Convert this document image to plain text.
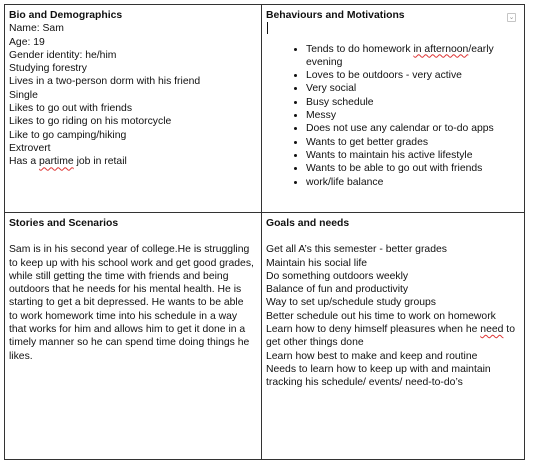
Bio and Demographics
Name: Sam
Age: 19
Gender identity: he/him
Studying forestry
Lives in a two-person dorm with his friend
Single
Likes to go out with friends
Likes to go riding on his motorcycle
Like to go camping/hiking
Extrovert
Has a partime job in retail
⌄
Behaviours and Motivations
• Tends to do homework in afternoon/early evening
• Loves to be outdoors - very active
• Very social
• Busy schedule
• Messy
• Does not use any calendar or to-do apps
• Wants to get better grades
• Wants to maintain his active lifestyle
• Wants to be able to go out with friends
• work/life balance
Stories and Scenarios

Sam is in his second year of college.He is struggling to keep up with his school work and get good grades, while still getting the time with friends and being outdoors that he needs for his mental health. He is starting to get a bit depressed. He wants to be able to work homework time into his schedule in a way that works for him and allows him to get it done in a timely manner so he can spend time doing things he likes.

Goals and needs
Get all A’s this semester - better grades
Maintain his social life
Do something outdoors weekly
Balance of fun and productivity
Way to set up/schedule study groups
Better schedule out his time to work on homework
Learn how to deny himself pleasures when he need to get other things done
Learn how best to make and keep and routine
Needs to learn how to keep up with and maintain tracking his schedule/ events/ need-to-do’s
